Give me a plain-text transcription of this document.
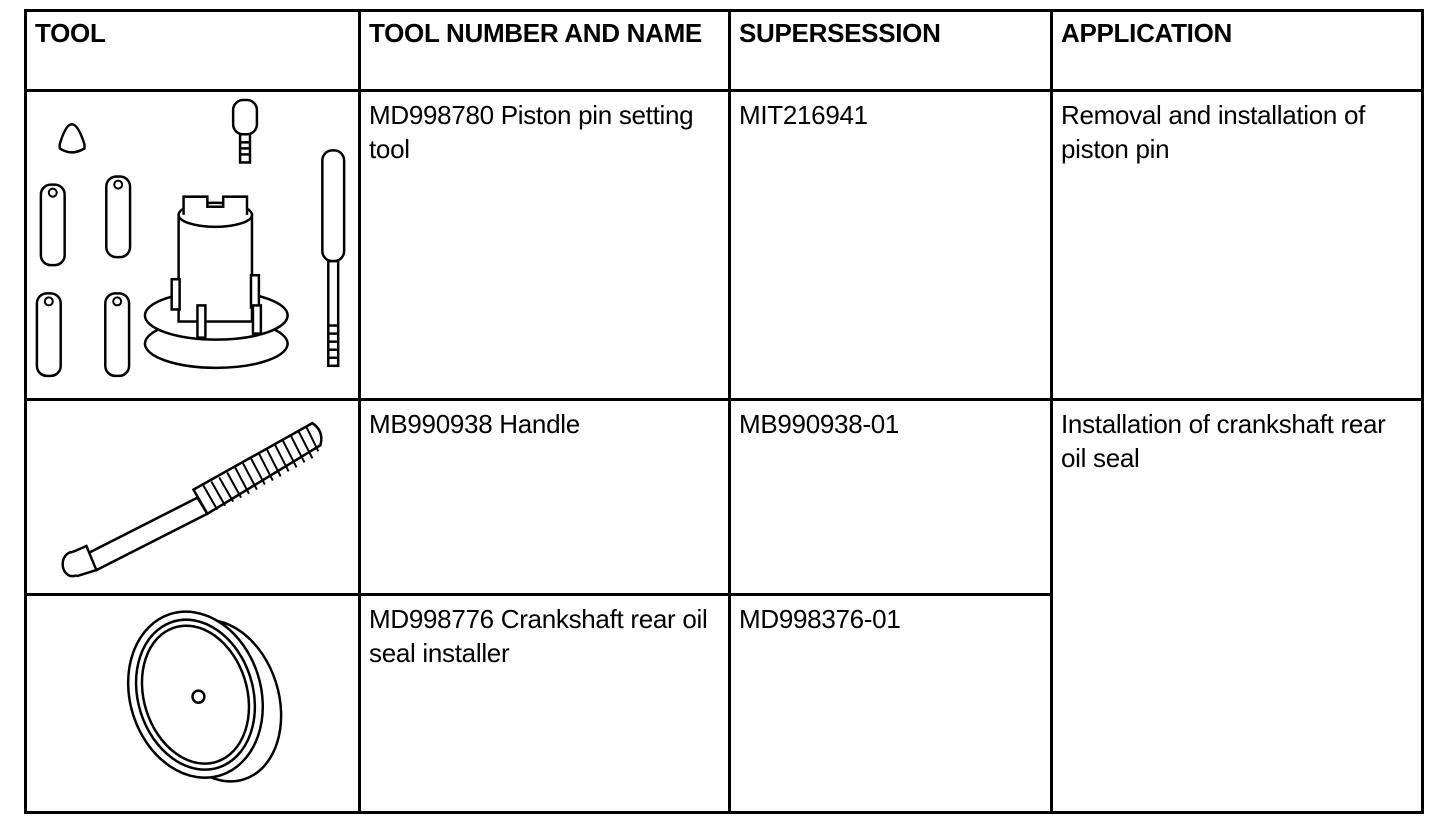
TOOL	TOOL NUMBER AND NAME	SUPERSESSION	APPLICATION

	MD998780 Piston pin setting tool	MIT216941	Removal and installation of piston pin

	MB990938 Handle	MB990938-01	Installation of crankshaft rear oil seal

	MD998776 Crankshaft rear oil seal installer	MD998376-01	
